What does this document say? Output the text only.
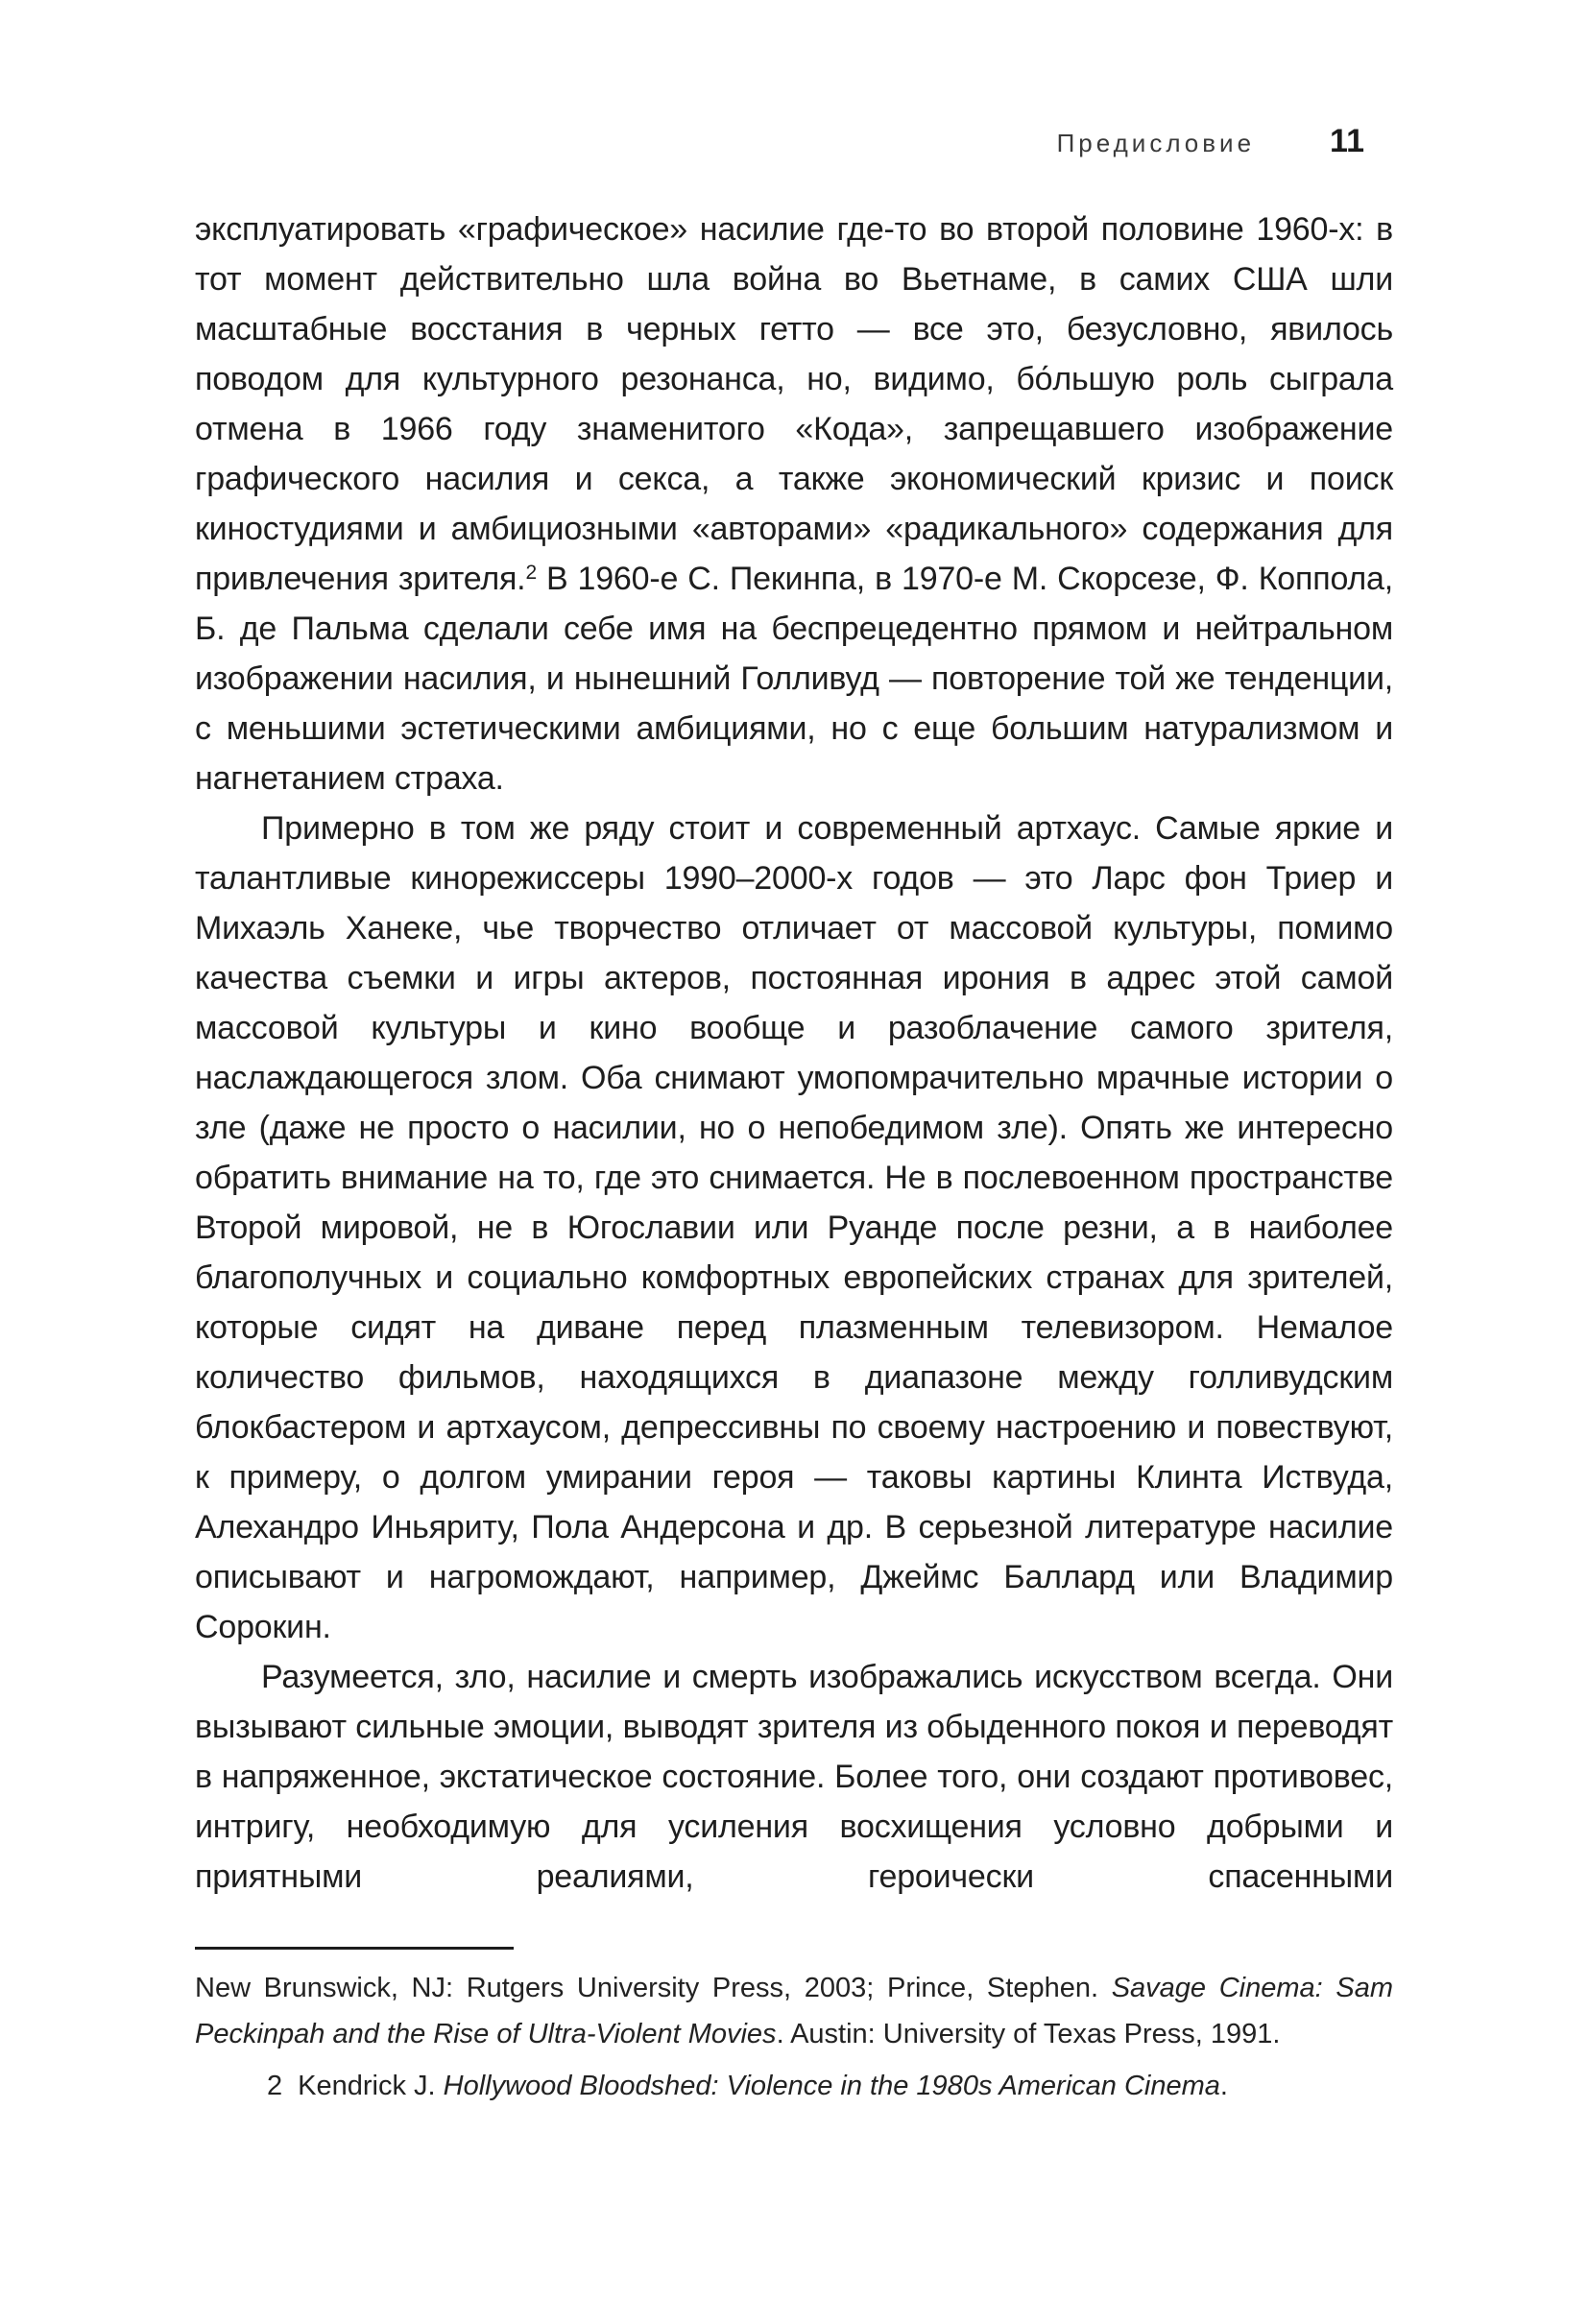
Предисловие 11

эксплуатировать «графическое» насилие где-то во второй половине 1960-х: в тот момент действительно шла война во Вьетнаме, в самих США шли масштабные восстания в черных гетто — все это, безусловно, явилось поводом для культурного резонанса, но, видимо, бо́льшую роль сыграла отмена в 1966 году знаменитого «Кода», запрещавшего изображение графического насилия и секса, а также экономический кризис и поиск киностудиями и амбициозными «авторами» «радикального» содержания для привлечения зрителя.$^2$ В 1960-е С. Пекинпа, в 1970-е М. Скорсезе, Ф. Коппола, Б. де Пальма сделали себе имя на беспрецедентно прямом и нейтральном изображении насилия, и нынешний Голливуд — повторение той же тенденции, с меньшими эстетическими амбициями, но с еще большим натурализмом и нагнетанием страха.

Примерно в том же ряду стоит и современный артхаус. Самые яркие и талантливые кинорежиссеры 1990–2000-х годов — это Ларс фон Триер и Михаэль Ханеке, чье творчество отличает от массовой культуры, помимо качества съемки и игры актеров, постоянная ирония в адрес этой самой массовой культуры и кино вообще и разоблачение самого зрителя, наслаждающегося злом. Оба снимают умопомрачительно мрачные истории о зле (даже не просто о насилии, но о непобедимом зле). Опять же интересно обратить внимание на то, где это снимается. Не в послевоенном пространстве Второй мировой, не в Югославии или Руанде после резни, а в наиболее благополучных и социально комфортных европейских странах для зрителей, которые сидят на диване перед плазменным телевизором. Немалое количество фильмов, находящихся в диапазоне между голливудским блокбастером и артхаусом, депрессивны по своему настроению и повествуют, к примеру, о долгом умирании героя — таковы картины Клинта Иствуда, Алехандро Иньяриту, Пола Андерсона и др. В серьезной литературе насилие описывают и нагромождают, например, Джеймс Баллард или Владимир Сорокин.

Разумеется, зло, насилие и смерть изображались искусством всегда. Они вызывают сильные эмоции, выводят зрителя из обыденного покоя и переводят в напряженное, экстатическое состояние. Более того, они создают противовес, интригу, необходимую для усиления восхищения условно добрыми и приятными реалиями, героически спасенными

New Brunswick, NJ: Rutgers University Press, 2003; Prince, Stephen. Savage Cinema: Sam Peckinpah and the Rise of Ultra-Violent Movies. Austin: University of Texas Press, 1991.

2 Kendrick J. Hollywood Bloodshed: Violence in the 1980s American Cinema.
